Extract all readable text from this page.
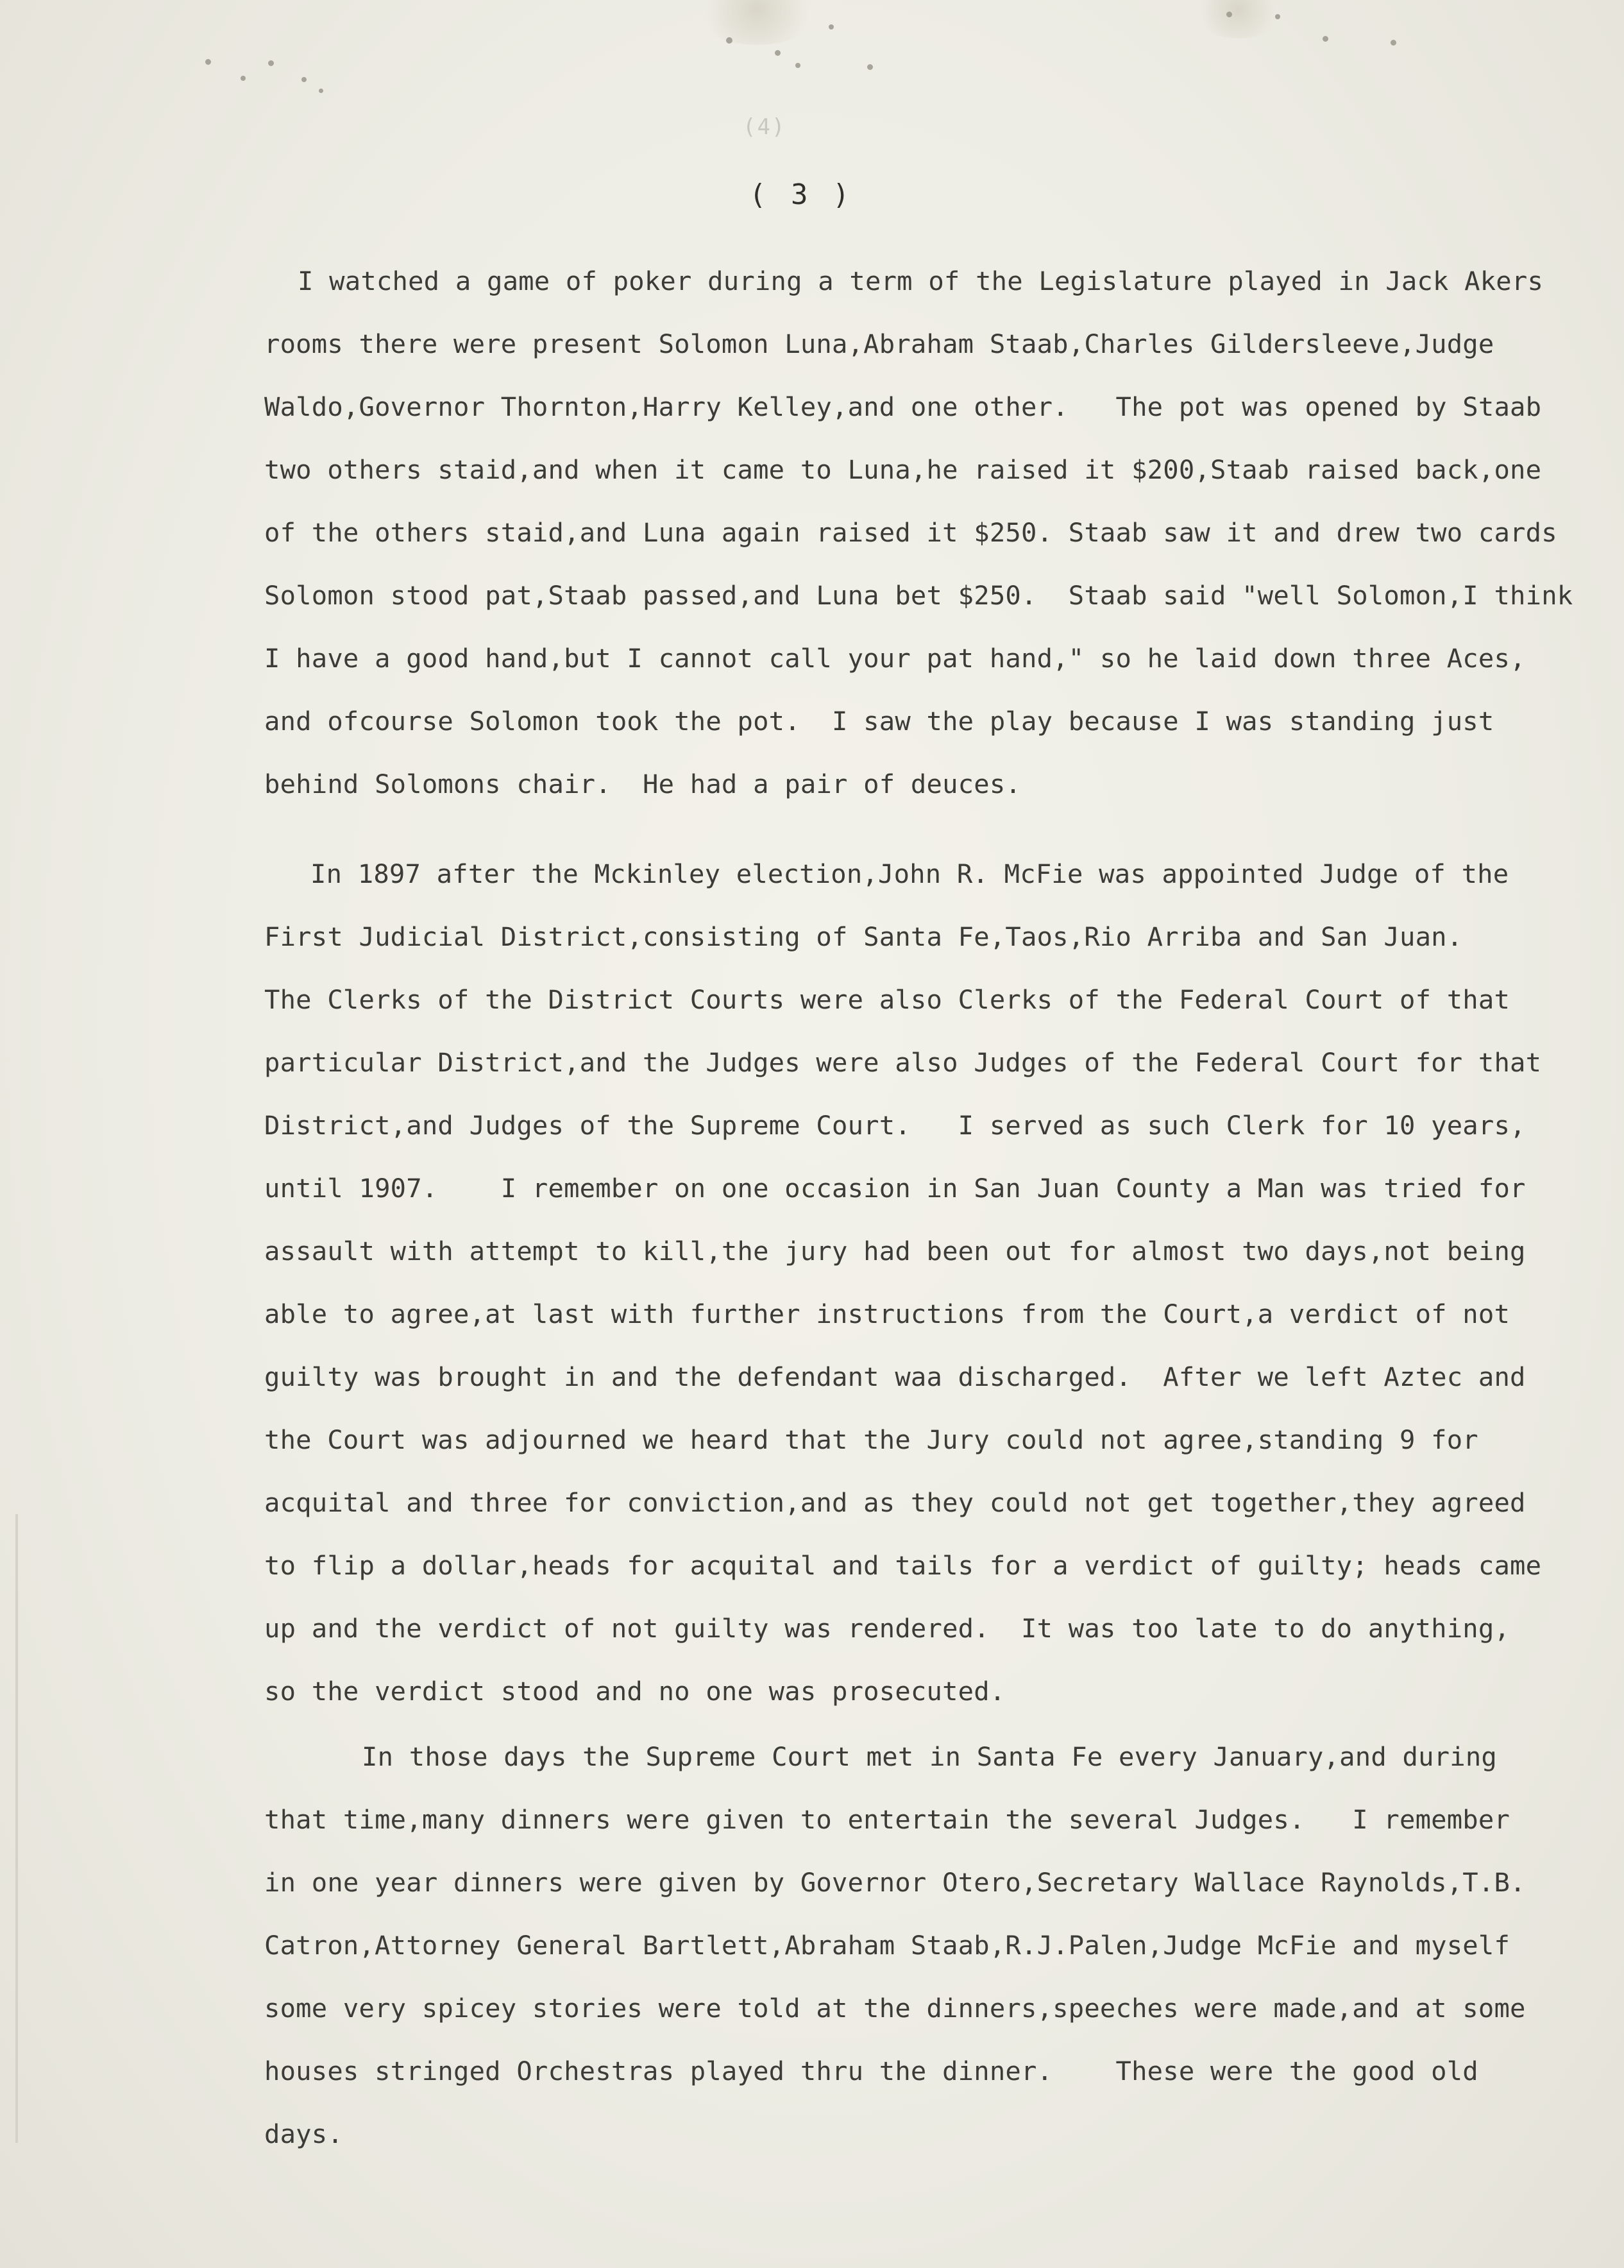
(4)
( 3 )
I watched a game of poker during a term of the Legislature played in Jack Akers
rooms there were present Solomon Luna,Abraham Staab,Charles Gildersleeve,Judge
Waldo,Governor Thornton,Harry Kelley,and one other.   The pot was opened by Staab
two others staid,and when it came to Luna,he raised it $200,Staab raised back,one
of the others staid,and Luna again raised it $250. Staab saw it and drew two cards
Solomon stood pat,Staab passed,and Luna bet $250.  Staab said "well Solomon,I think
I have a good hand,but I cannot call your pat hand," so he laid down three Aces,
and ofcourse Solomon took the pot.  I saw the play because I was standing just
behind Solomons chair.  He had a pair of deuces.
In 1897 after the Mckinley election,John R. McFie was appointed Judge of the
First Judicial District,consisting of Santa Fe,Taos,Rio Arriba and San Juan.
The Clerks of the District Courts were also Clerks of the Federal Court of that
particular District,and the Judges were also Judges of the Federal Court for that
District,and Judges of the Supreme Court.   I served as such Clerk for 10 years,
until 1907.    I remember on one occasion in San Juan County a Man was tried for
assault with attempt to kill,the jury had been out for almost two days,not being
able to agree,at last with further instructions from the Court,a verdict of not
guilty was brought in and the defendant waa discharged.  After we left Aztec and
the Court was adjourned we heard that the Jury could not agree,standing 9 for
acquital and three for conviction,and as they could not get together,they agreed
to flip a dollar,heads for acquital and tails for a verdict of guilty; heads came
up and the verdict of not guilty was rendered.  It was too late to do anything,
so the verdict stood and no one was prosecuted.
In those days the Supreme Court met in Santa Fe every January,and during
that time,many dinners were given to entertain the several Judges.   I remember
in one year dinners were given by Governor Otero,Secretary Wallace Raynolds,T.B.
Catron,Attorney General Bartlett,Abraham Staab,R.J.Palen,Judge McFie and myself
some very spicey stories were told at the dinners,speeches were made,and at some
houses stringed Orchestras played thru the dinner.    These were the good old
days.
